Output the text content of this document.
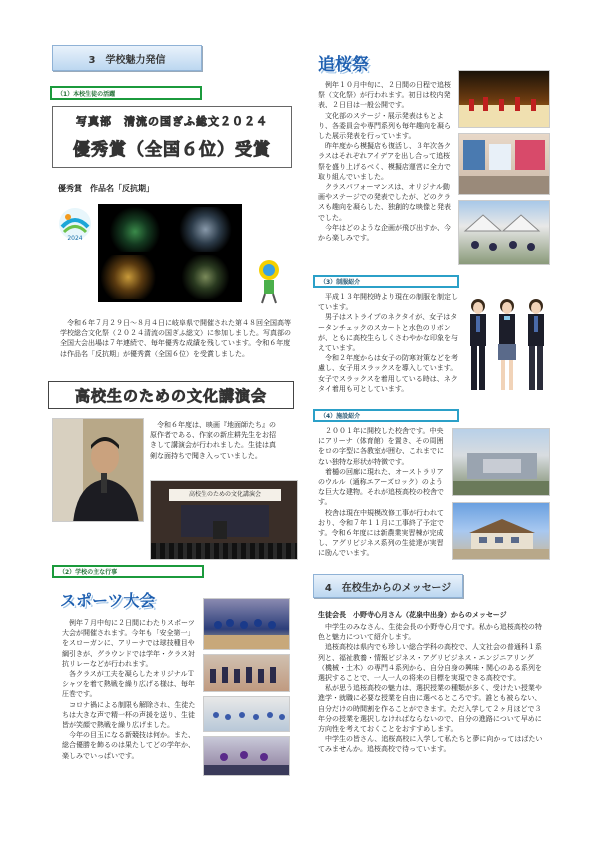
3　学校魅力発信
（1）本校生徒の活躍
写真部　清流の国ぎふ総文２０２４
優秀賞（全国６位）受賞
優秀賞　作品名「反抗期」
2024

令和６年７月２９日～８月４日に岐阜県で開催された第４８回全国高等学校総合文化祭（２０２４清流の国ぎふ総文）に参加しました。写真部の全国大会出場は７年連続で、毎年優秀な成績を残しています。令和６年度は作品名「反抗期」が優秀賞（全国６位）を受賞しました。

高校生のための文化講演会

令和６年度は、映画『地面師たち』の原作者である、作家の新庄耕先生をお招きして講演会が行われました。生徒は真剣な面持ちで聞き入っていました。

高校生のための文化講演会
（2）学校の主な行事
スポーツ大会

例年７月中旬に２日間にわたりスポーツ大会が開催されます。今年も「安全第一」をスローガンに、アリーナでは球技種目や綱引きが、グラウンドでは学年・クラス対抗リレーなどが行われます。

各クラスが工夫を凝らしたオリジナルＴシャツを着て熱戦を繰り広げる様は、毎年圧巻です。

コロナ禍による制限も解除され、生徒たちは大きな声で精一杯の声援を送り、生徒皆が笑顔で熱戦を繰り広げました。

今年の目玉になる新競技は何か。また、総合優勝を飾るのは果たしてどの学年か、楽しみでいっぱいです。

追桜祭

例年１０月中旬に、２日間の日程で追桜祭（文化祭）が行われます。初日は校内発表、２日目は一般公開です。

文化部のステージ・展示発表はもとより、各委員会や専門系列も毎年趣向を凝らした展示発表を行っています。

昨年度から模擬店も復活し、３年次各クラスはそれぞれアイデアを出し合って追桜祭を盛り上げるべく、模擬店運営に全力で取り組んでいました。

クラスパフォーマンスは、オリジナル動画やステージでの発表でしたが、どのクラスも趣向を凝らした、独創的な映像と発表でした。

今年はどのような企画が飛び出すか、今から楽しみです。

（3）制服紹介

平成１３年開校時より現在の制服を制定しています。

男子はストライプのネクタイが、女子はタータンチェックのスカートと水色のリボンが、ともに高校生らしくさわやかな印象を与えています。

令和２年度からは女子の防寒対策などを考慮し、女子用スラックスを導入しています。女子でスラックスを着用している時は、ネクタイ着用も可としています。

（4）施設紹介

２００１年に開校した校舎です。中央にアリーナ（体育館）を置き、その周囲をロの字型に各教室が囲む、これまでにない独特な形状が特徴です。

着樋の回廊に現れた、オーストラリアのウルル（通称エアーズロック）のような巨大な建物。それが追桜高校の校舎です。

校舎は現在中規模改修工事が行われており、令和７年１１月に工事終了予定です。令和６年度には新農業実習棟が完成し、アグリビジネス系列の生徒達が実習に励んでいます。

4　在校生からのメッセージ
生徒会長　小野寺心月さん（花泉中出身）からのメッセージ

中学生のみなさん、生徒会長の小野寺心月です。私から追桜高校の特色と魅力について紹介します。

追桜高校は県内でも珍しい総合学科の高校で、人文社会の普通科１系列と、福祉教養・情報ビジネス・アグリビジネス・エンジニアリング（機械・土木）の専門４系列から、自分自身の興味・関心のある系列を選択することで、一人一人の将来の目標を実現できる高校です。

私が思う追桜高校の魅力は、選択授業の種類が多く、受けたい授業や進学・就職に必要な授業を自由に選べるところです。誰とも被らない、自分だけの時間割を作ることができます。ただ入学して２ヶ月ほどで３年分の授業を選択しなければならないので、自分の進路について早めに方向性を考えておくことをおすすめします。

中学生の皆さん、追桜高校に入学して私たちと夢に向かってはばたいてみませんか。追桜高校で待っています。
